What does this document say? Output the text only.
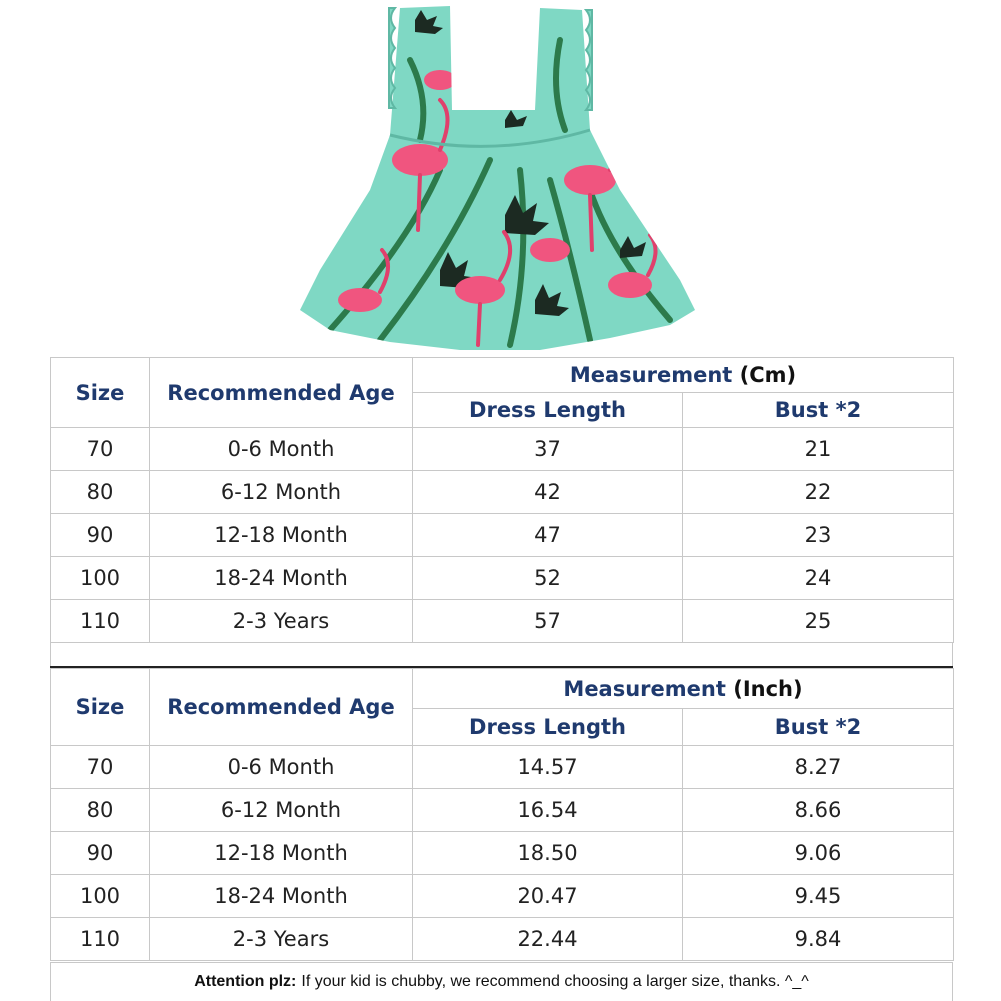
Size	Recommended Age	Measurement (Cm)	
		Dress Length	Bust *2
70	0-6 Month	37	21
80	6-12 Month	42	22
90	12-18 Month	47	23
100	18-24 Month	52	24
110	2-3 Years	57	25
Size	Recommended Age	Measurement (Inch)	
		Dress Length	Bust *2
70	0-6 Month	14.57	8.27
80	6-12 Month	16.54	8.66
90	12-18 Month	18.50	9.06
100	18-24 Month	20.47	9.45
110	2-3 Years	22.44	9.84
Attention plz: If your kid is chubby, we recommend choosing a larger size, thanks. ^_^
